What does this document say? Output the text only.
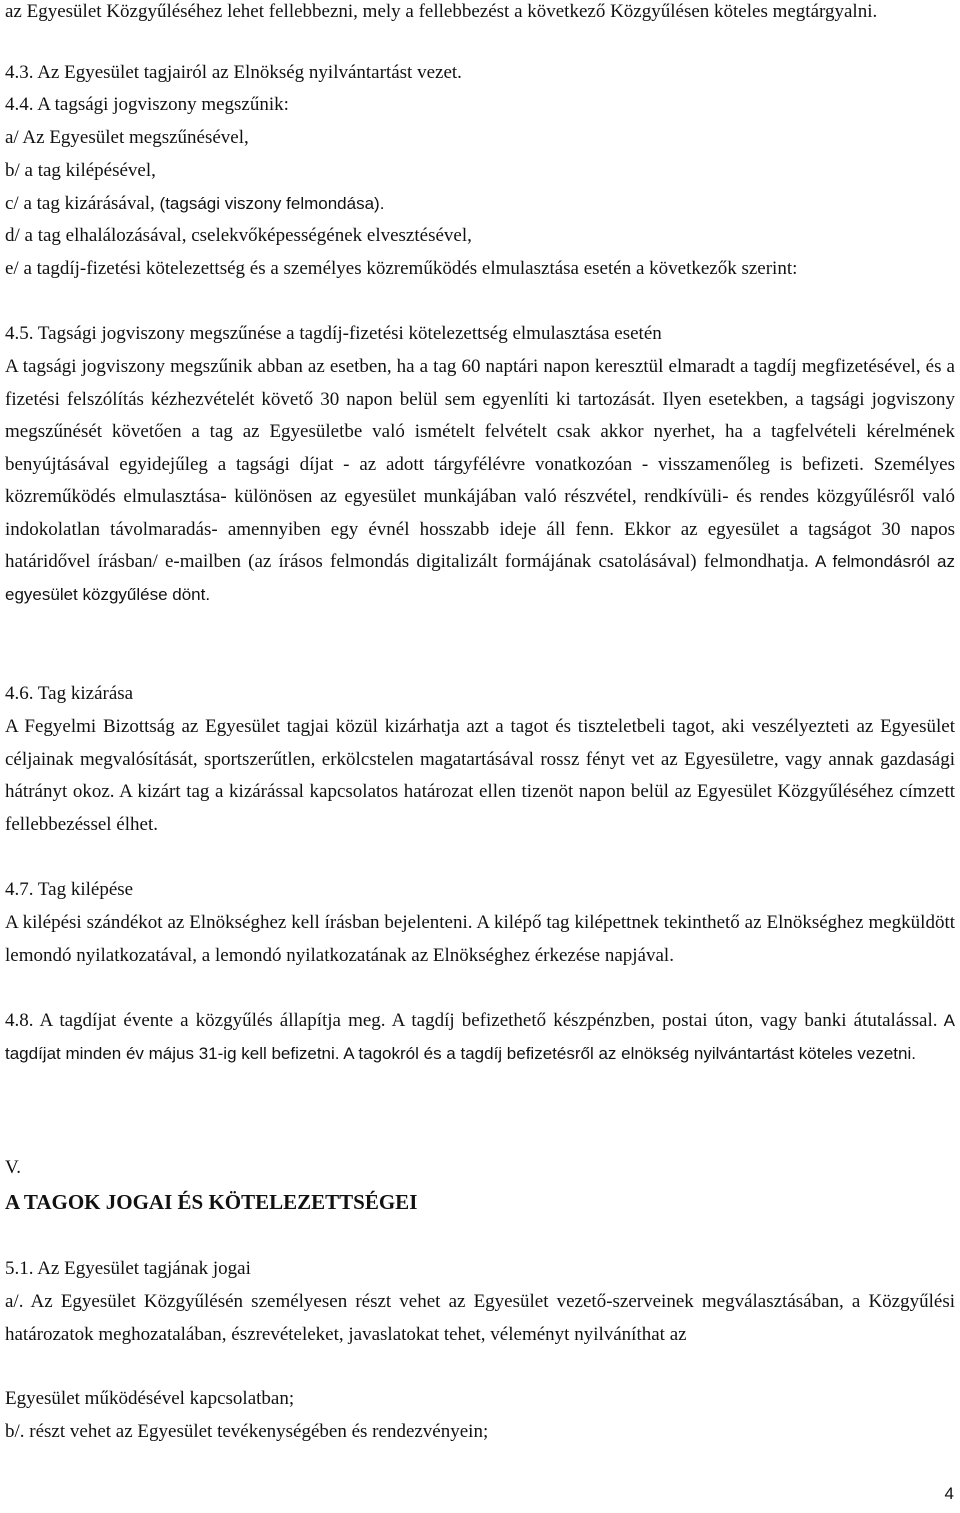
az Egyesület Közgyűléséhez lehet fellebbezni, mely a fellebbezést a következő Közgyűlésen köteles megtárgyalni.

4.3. Az Egyesület tagjairól az Elnökség nyilvántartást vezet.

4.4. A tagsági jogviszony megszűnik:

a/ Az Egyesület megszűnésével,

b/ a tag kilépésével,

c/ a tag kizárásával, (tagsági viszony felmondása).

d/ a tag elhalálozásával, cselekvőképességének elvesztésével,

e/ a tagdíj-fizetési kötelezettség és a személyes közreműködés elmulasztása esetén a következők szerint:

4.5. Tagsági jogviszony megszűnése a tagdíj-fizetési kötelezettség elmulasztása esetén

A tagsági jogviszony megszűnik abban az esetben, ha a tag 60 naptári napon keresztül elmaradt a tagdíj megfizetésével, és a fizetési felszólítás kézhezvételét követő 30 napon belül sem egyenlíti ki tartozását. Ilyen esetekben, a tagsági jogviszony megszűnését követően a tag az Egyesületbe való ismételt felvételt csak akkor nyerhet, ha a tagfelvételi kérelmének benyújtásával egyidejűleg a tagsági díjat - az adott tárgyfélévre vonatkozóan - visszamenőleg is befizeti. Személyes közreműködés elmulasztása- különösen az egyesület munkájában való részvétel, rendkívüli- és rendes közgyűlésről való indokolatlan távolmaradás- amennyiben egy évnél hosszabb ideje áll fenn. Ekkor az egyesület a tagságot 30 napos határidővel írásban/ e-mailben (az írásos felmondás digitalizált formájának csatolásával) felmondhatja. A felmondásról az egyesület közgyűlése dönt.

4.6. Tag kizárása

A Fegyelmi Bizottság az Egyesület tagjai közül kizárhatja azt a tagot és tiszteletbeli tagot, aki veszélyezteti az Egyesület céljainak megvalósítását, sportszerűtlen, erkölcstelen magatartásával rossz fényt vet az Egyesületre, vagy annak gazdasági hátrányt okoz. A kizárt tag a kizárással kapcsolatos határozat ellen tizenöt napon belül az Egyesület Közgyűléséhez címzett fellebbezéssel élhet.

4.7. Tag kilépése

A kilépési szándékot az Elnökséghez kell írásban bejelenteni. A kilépő tag kilépettnek tekinthető az Elnökséghez megküldött lemondó nyilatkozatával, a lemondó nyilatkozatának az Elnökséghez érkezése napjával.

4.8. A tagdíjat évente a közgyűlés állapítja meg. A tagdíj befizethető készpénzben, postai úton, vagy banki átutalással. A tagdíjat minden év május 31-ig kell befizetni. A tagokról és a tagdíj befizetésről az elnökség nyilvántartást köteles vezetni.

V.

A TAGOK JOGAI ÉS KÖTELEZETTSÉGEI

5.1. Az Egyesület tagjának jogai

a/. Az Egyesület Közgyűlésén személyesen részt vehet az Egyesület vezető-szerveinek megválasztásában, a Közgyűlési határozatok meghozatalában, észrevételeket, javaslatokat tehet, véleményt nyilváníthat az

Egyesület működésével kapcsolatban;

b/. részt vehet az Egyesület tevékenységében és rendezvényein;

4
